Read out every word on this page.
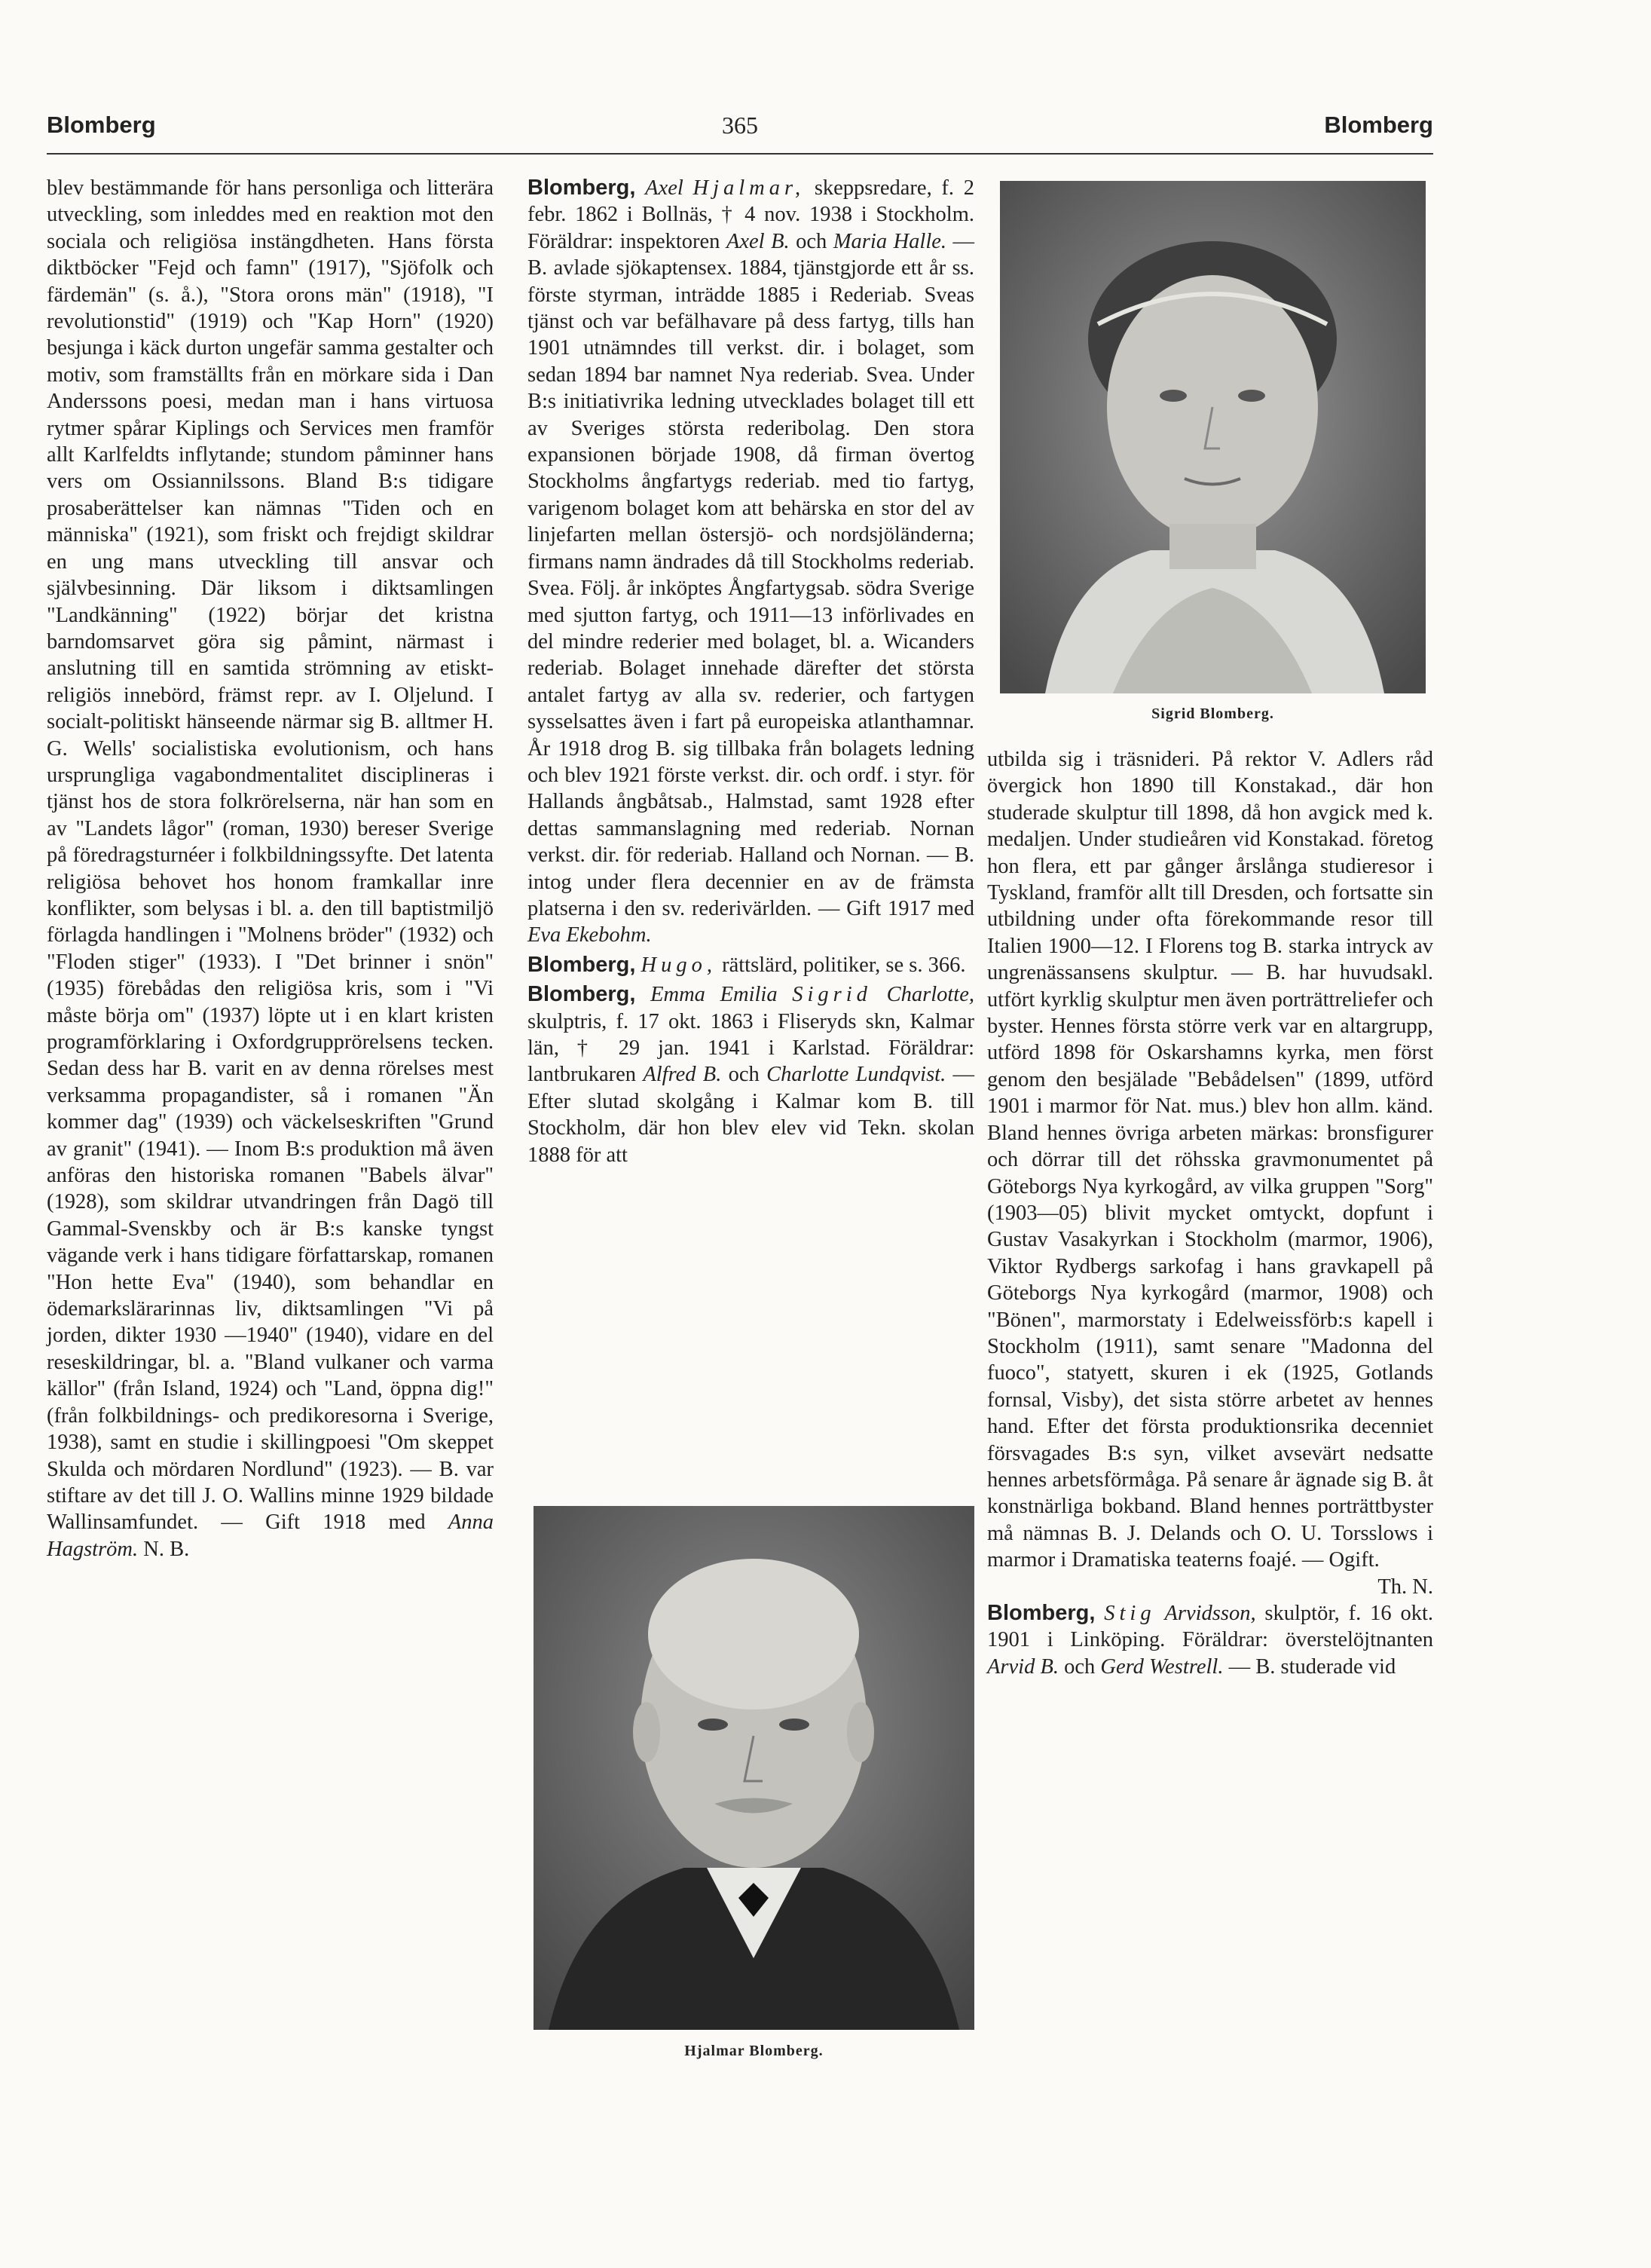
Blomberg	365	Blomberg

blev bestämmande för hans personliga och litterära utveckling, som inleddes med en reaktion mot den sociala och religiösa instängdheten. Hans första diktböcker "Fejd och famn" (1917), "Sjöfolk och färdemän" (s. å.), "Stora orons män" (1918), "I revolutionstid" (1919) och "Kap Horn" (1920) besjunga i käck durton ungefär samma gestalter och motiv, som framställts från en mörkare sida i Dan Anderssons poesi, medan man i hans virtuosa rytmer spårar Kiplings och Services men framför allt Karlfeldts inflytande; stundom påminner hans vers om Ossiannilssons. Bland B:s tidigare prosaberättelser kan nämnas "Tiden och en människa" (1921), som friskt och frejdigt skildrar en ung mans utveckling till ansvar och självbesinning. Där liksom i diktsamlingen "Landkänning" (1922) börjar det kristna barndomsarvet göra sig påmint, närmast i anslutning till en samtida strömning av etiskt-religiös innebörd, främst repr. av I. Oljelund. I socialt-politiskt hänseende närmar sig B. alltmer H. G. Wells' socialistiska evolutionism, och hans ursprungliga vagabondmentalitet disciplineras i tjänst hos de stora folkrörelserna, när han som en av "Landets lågor" (roman, 1930) bereser Sverige på föredragsturnéer i folkbildningssyfte. Det latenta religiösa behovet hos honom framkallar inre konflikter, som belysas i bl. a. den till baptistmiljö förlagda handlingen i "Molnens bröder" (1932) och "Floden stiger" (1933). I "Det brinner i snön" (1935) förebådas den religiösa kris, som i "Vi måste börja om" (1937) löpte ut i en klart kristen programförklaring i Oxfordgrupprörelsens tecken. Sedan dess har B. varit en av denna rörelses mest verksamma propagandister, så i romanen "Än kommer dag" (1939) och väckelseskriften "Grund av granit" (1941). — Inom B:s produktion må även anföras den historiska romanen "Babels älvar" (1928), som skildrar utvandringen från Dagö till Gammal-Svenskby och är B:s kanske tyngst vägande verk i hans tidigare författarskap, romanen "Hon hette Eva" (1940), som behandlar en ödemarkslärarinnas liv, diktsamlingen "Vi på jorden, dikter 1930 —1940" (1940), vidare en del reseskildringar, bl. a. "Bland vulkaner och varma källor" (från Island, 1924) och "Land, öppna dig!" (från folkbildnings- och predikoresorna i Sverige, 1938), samt en studie i skillingpoesi "Om skeppet Skulda och mördaren Nordlund" (1923). — B. var stiftare av det till J. O. Wallins minne 1929 bildade Wallinsamfundet. — Gift 1918 med Anna Hagström. N. B.

Blomberg, Axel Hjalmar, skeppsredare, f. 2 febr. 1862 i Bollnäs, † 4 nov. 1938 i Stockholm. Föräldrar: inspektoren Axel B. och Maria Halle. — B. avlade sjökaptensex. 1884, tjänstgjorde ett år ss. förste styrman, inträdde 1885 i Rederiab. Sveas tjänst och var befälhavare på dess fartyg, tills han 1901 utnämndes till verkst. dir. i bolaget, som sedan 1894 bar namnet Nya rederiab. Svea. Under B:s initiativrika ledning utvecklades bolaget till ett av Sveriges största rederibolag. Den stora expansionen började 1908, då firman övertog Stockholms ångfartygs rederiab. med tio fartyg, varigenom bolaget kom att behärska en stor del av linjefarten mellan östersjö- och nordsjöländerna; firmans namn ändrades då till Stockholms rederiab. Svea. Följ. år inköptes Ångfartygsab. södra Sverige med sjutton fartyg, och 1911—13 införlivades en del mindre rederier med bolaget, bl. a. Wicanders rederiab. Bolaget innehade därefter det största antalet fartyg av alla sv. rederier, och fartygen sysselsattes även i fart på europeiska atlanthamnar. År 1918 drog B. sig tillbaka från bolagets ledning och blev 1921 förste verkst. dir. och ordf. i styr. för Hallands ångbåtsab., Halmstad, samt 1928 efter dettas sammanslagning med rederiab. Nornan verkst. dir. för rederiab. Halland och Nornan. — B. intog under flera decennier en av de främsta platserna i den sv. rederivärlden. — Gift 1917 med Eva Ekebohm.

Blomberg, Hugo, rättslärd, politiker, se s. 366.

Blomberg, Emma Emilia Sigrid Charlotte, skulptris, f. 17 okt. 1863 i Fliseryds skn, Kalmar län, † 29 jan. 1941 i Karlstad. Föräldrar: lantbrukaren Alfred B. och Charlotte Lundqvist. — Efter slutad skolgång i Kalmar kom B. till Stockholm, där hon blev elev vid Tekn. skolan 1888 för att

Sigrid Blomberg.
Hjalmar Blomberg.

utbilda sig i träsnideri. På rektor V. Adlers råd övergick hon 1890 till Konstakad., där hon studerade skulptur till 1898, då hon avgick med k. medaljen. Under studieåren vid Konstakad. företog hon flera, ett par gånger årslånga studieresor i Tyskland, framför allt till Dresden, och fortsatte sin utbildning under ofta förekommande resor till Italien 1900—12. I Florens tog B. starka intryck av ungrenässansens skulptur. — B. har huvudsakl. utfört kyrklig skulptur men även porträttreliefer och byster. Hennes första större verk var en altargrupp, utförd 1898 för Oskarshamns kyrka, men först genom den besjälade "Bebådelsen" (1899, utförd 1901 i marmor för Nat. mus.) blev hon allm. känd. Bland hennes övriga arbeten märkas: bronsfigurer och dörrar till det röhsska gravmonumentet på Göteborgs Nya kyrkogård, av vilka gruppen "Sorg" (1903—05) blivit mycket omtyckt, dopfunt i Gustav Vasakyrkan i Stockholm (marmor, 1906), Viktor Rydbergs sarkofag i hans gravkapell på Göteborgs Nya kyrkogård (marmor, 1908) och "Bönen", marmorstaty i Edelweissförb:s kapell i Stockholm (1911), samt senare "Madonna del fuoco", statyett, skuren i ek (1925, Gotlands fornsal, Visby), det sista större arbetet av hennes hand. Efter det första produktionsrika decenniet försvagades B:s syn, vilket avsevärt nedsatte hennes arbetsförmåga. På senare år ägnade sig B. åt konstnärliga bokband. Bland hennes porträttbyster må nämnas B. J. Delands och O. U. Torsslows i marmor i Dramatiska teaterns foajé. — Ogift.
Th. N.

Blomberg, Stig Arvidsson, skulptör, f. 16 okt. 1901 i Linköping. Föräldrar: överstelöjtnanten Arvid B. och Gerd Westrell. — B. studerade vid
